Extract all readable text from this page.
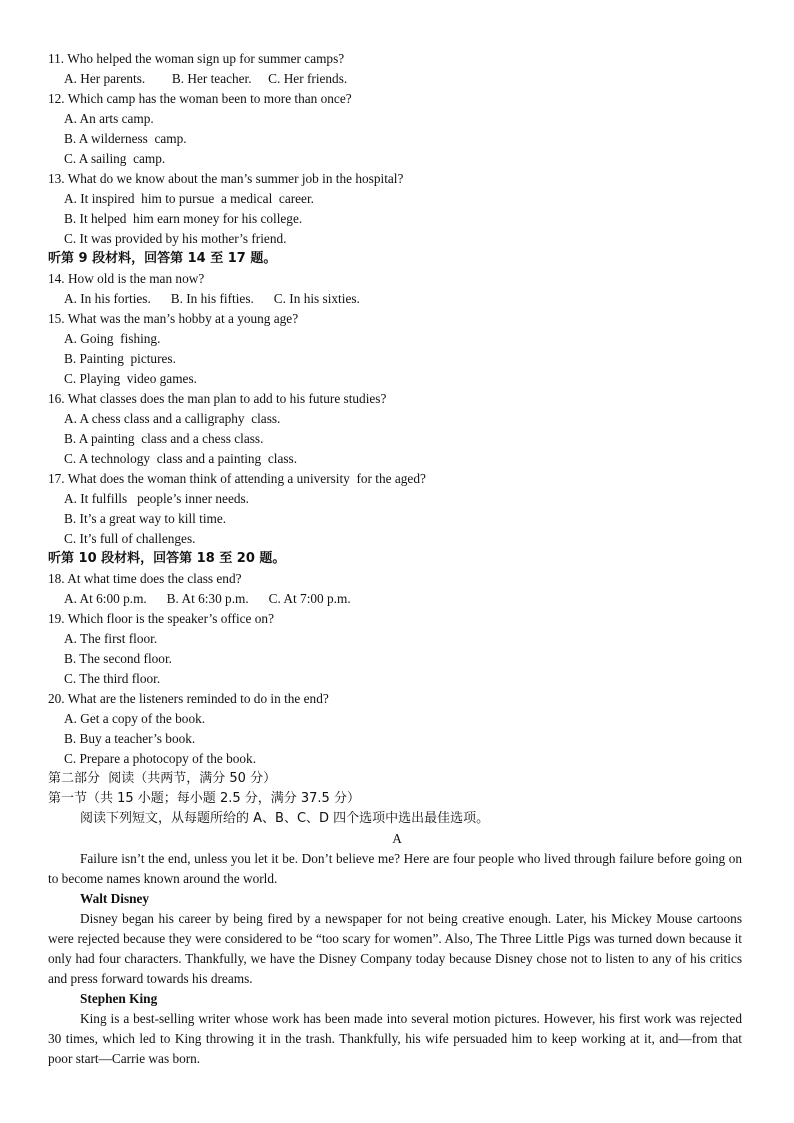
11. Who helped the woman sign up for summer camps?
A. Her parents.        B. Her teacher.     C. Her friends.
12. Which camp has the woman been to more than once?
A. An arts camp.
B. A wilderness  camp.
C. A sailing  camp.
13. What do we know about the man’s summer job in the hospital?
A. It inspired  him to pursue  a medical  career.
B. It helped  him earn money for his college.
C. It was provided by his mother’s friend.
听第 9 段材料，回答第 14 至 17 题。
14. How old is the man now?
A. In his forties.      B. In his fifties.      C. In his sixties.
15. What was the man’s hobby at a young age?
A. Going  fishing.
B. Painting  pictures.
C. Playing  video games.
16. What classes does the man plan to add to his future studies?
A. A chess class and a calligraphy  class.
B. A painting  class and a chess class.
C. A technology  class and a painting  class.
17. What does the woman think of attending a university  for the aged?
A. It fulfills   people’s inner needs.
B. It’s a great way to kill time.
C. It’s full of challenges.
听第 10 段材料，回答第 18 至 20 题。
18. At what time does the class end?
A. At 6:00 p.m.      B. At 6:30 p.m.      C. At 7:00 p.m.
19. Which floor is the speaker’s office on?
A. The first floor.
B. The second floor.
C. The third floor.
20. What are the listeners reminded to do in the end?
A. Get a copy of the book.
B. Buy a teacher’s book.
C. Prepare a photocopy of the book.
第二部分  阅读（共两节，满分 50 分）
第一节（共 15 小题；每小题 2.5 分，满分 37.5 分）
阅读下列短文，从每题所给的 A、B、C、D 四个选项中选出最佳选项。
A
Failure isn’t the end, unless you let it be. Don’t believe me? Here are four people who lived through failure before going on to become names known around the world.
Walt Disney
Disney began his career by being fired by a newspaper for not being creative enough. Later, his Mickey Mouse cartoons were rejected because they were considered to be “too scary for women”. Also, The Three Little Pigs was turned down because it only had four characters. Thankfully, we have the Disney Company today because Disney chose not to listen to any of his critics and press forward towards his dreams.
Stephen King
King is a best-selling writer whose work has been made into several motion pictures. However, his first work was rejected 30 times, which led to King throwing it in the trash. Thankfully, his wife persuaded him to keep working at it, and—from that poor start—Carrie was born.
